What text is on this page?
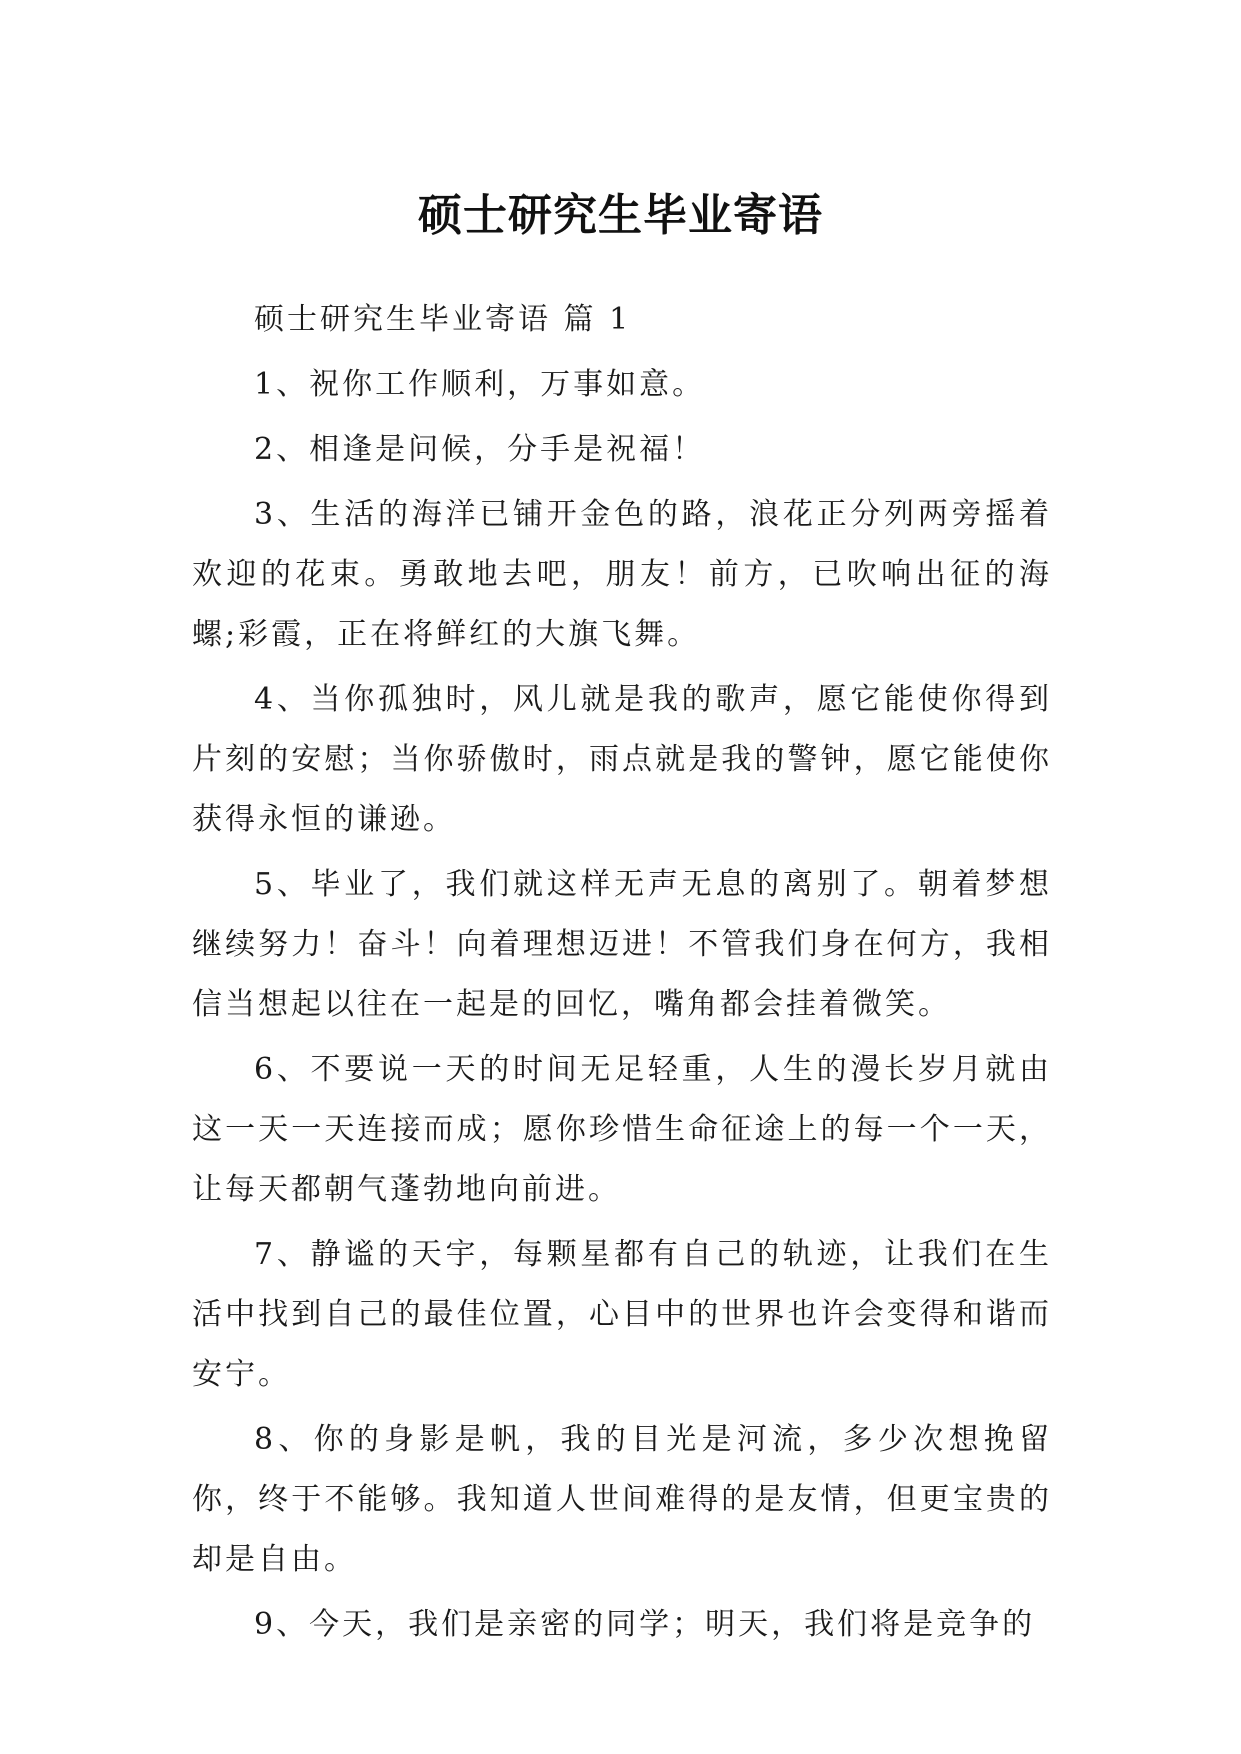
硕士研究生毕业寄语

硕士研究生毕业寄语 篇 1

1、祝你工作顺利，万事如意。

2、相逢是问候，分手是祝福！

3、生活的海洋已铺开金色的路，浪花正分列两旁摇着欢迎的花束。勇敢地去吧，朋友！前方，已吹响出征的海螺;彩霞，正在将鲜红的大旗飞舞。

4、当你孤独时，风儿就是我的歌声，愿它能使你得到片刻的安慰；当你骄傲时，雨点就是我的警钟，愿它能使你获得永恒的谦逊。

5、毕业了，我们就这样无声无息的离别了。朝着梦想继续努力！奋斗！向着理想迈进！不管我们身在何方，我相信当想起以往在一起是的回忆，嘴角都会挂着微笑。

6、不要说一天的时间无足轻重，人生的漫长岁月就由这一天一天连接而成；愿你珍惜生命征途上的每一个一天，让每天都朝气蓬勃地向前进。

7、静谧的天宇，每颗星都有自己的轨迹，让我们在生活中找到自己的最佳位置，心目中的世界也许会变得和谐而安宁。

8、你的身影是帆，我的目光是河流，多少次想挽留你，终于不能够。我知道人世间难得的是友情，但更宝贵的却是自由。

9、今天，我们是亲密的同学；明天，我们将是竞争的
